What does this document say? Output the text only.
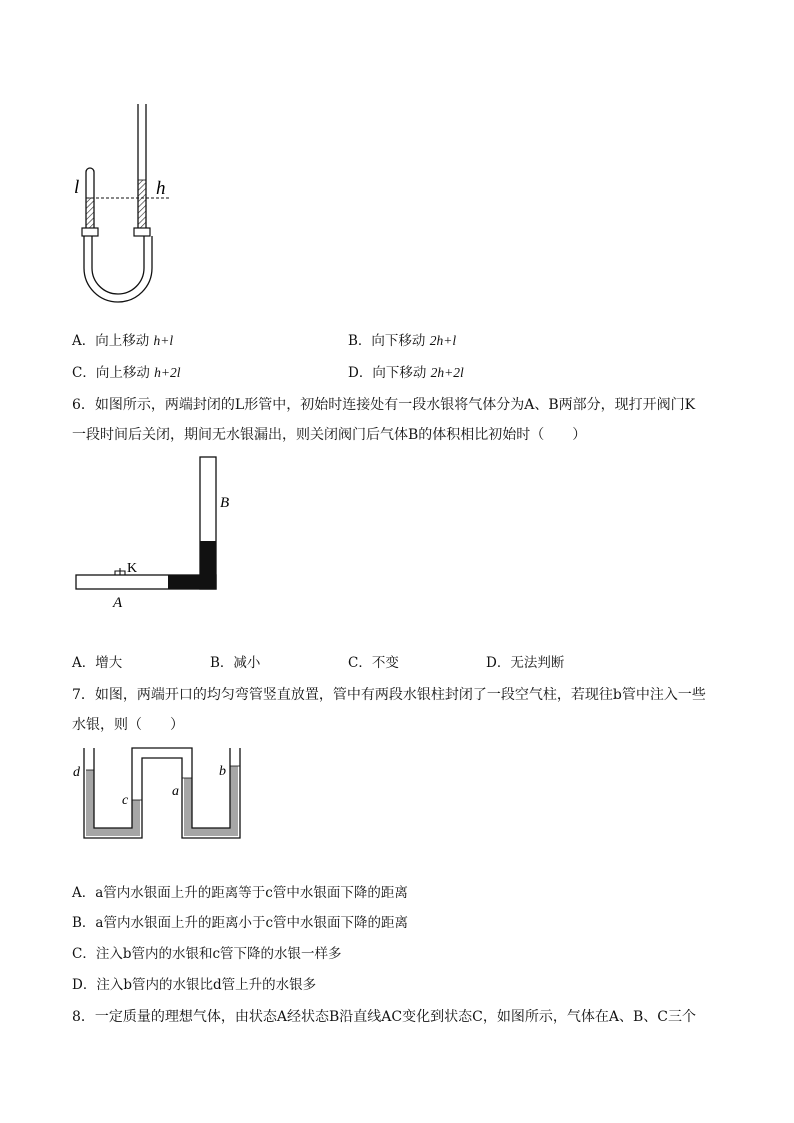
l	h
A．向上移动 h+l	B．向下移动 2h+l
C．向上移动 h+2l	D．向下移动 2h+2l
6．如图所示，两端封闭的L形管中，初始时连接处有一段水银将气体分为A、B两部分，现打开阀门K
一段时间后关闭，期间无水银漏出，则关闭阀门后气体B的体积相比初始时（　　）
K
B
A
A．增大	B．减小	C．不变	D．无法判断
7．如图，两端开口的均匀弯管竖直放置，管中有两段水银柱封闭了一段空气柱，若现往b管中注入一些
水银，则（　　）
d
c
a
b
A．a管内水银面上升的距离等于c管中水银面下降的距离
B．a管内水银面上升的距离小于c管中水银面下降的距离
C．注入b管内的水银和c管下降的水银一样多
D．注入b管内的水银比d管上升的水银多
8．一定质量的理想气体，由状态A经状态B沿直线AC变化到状态C，如图所示，气体在A、B、C三个
